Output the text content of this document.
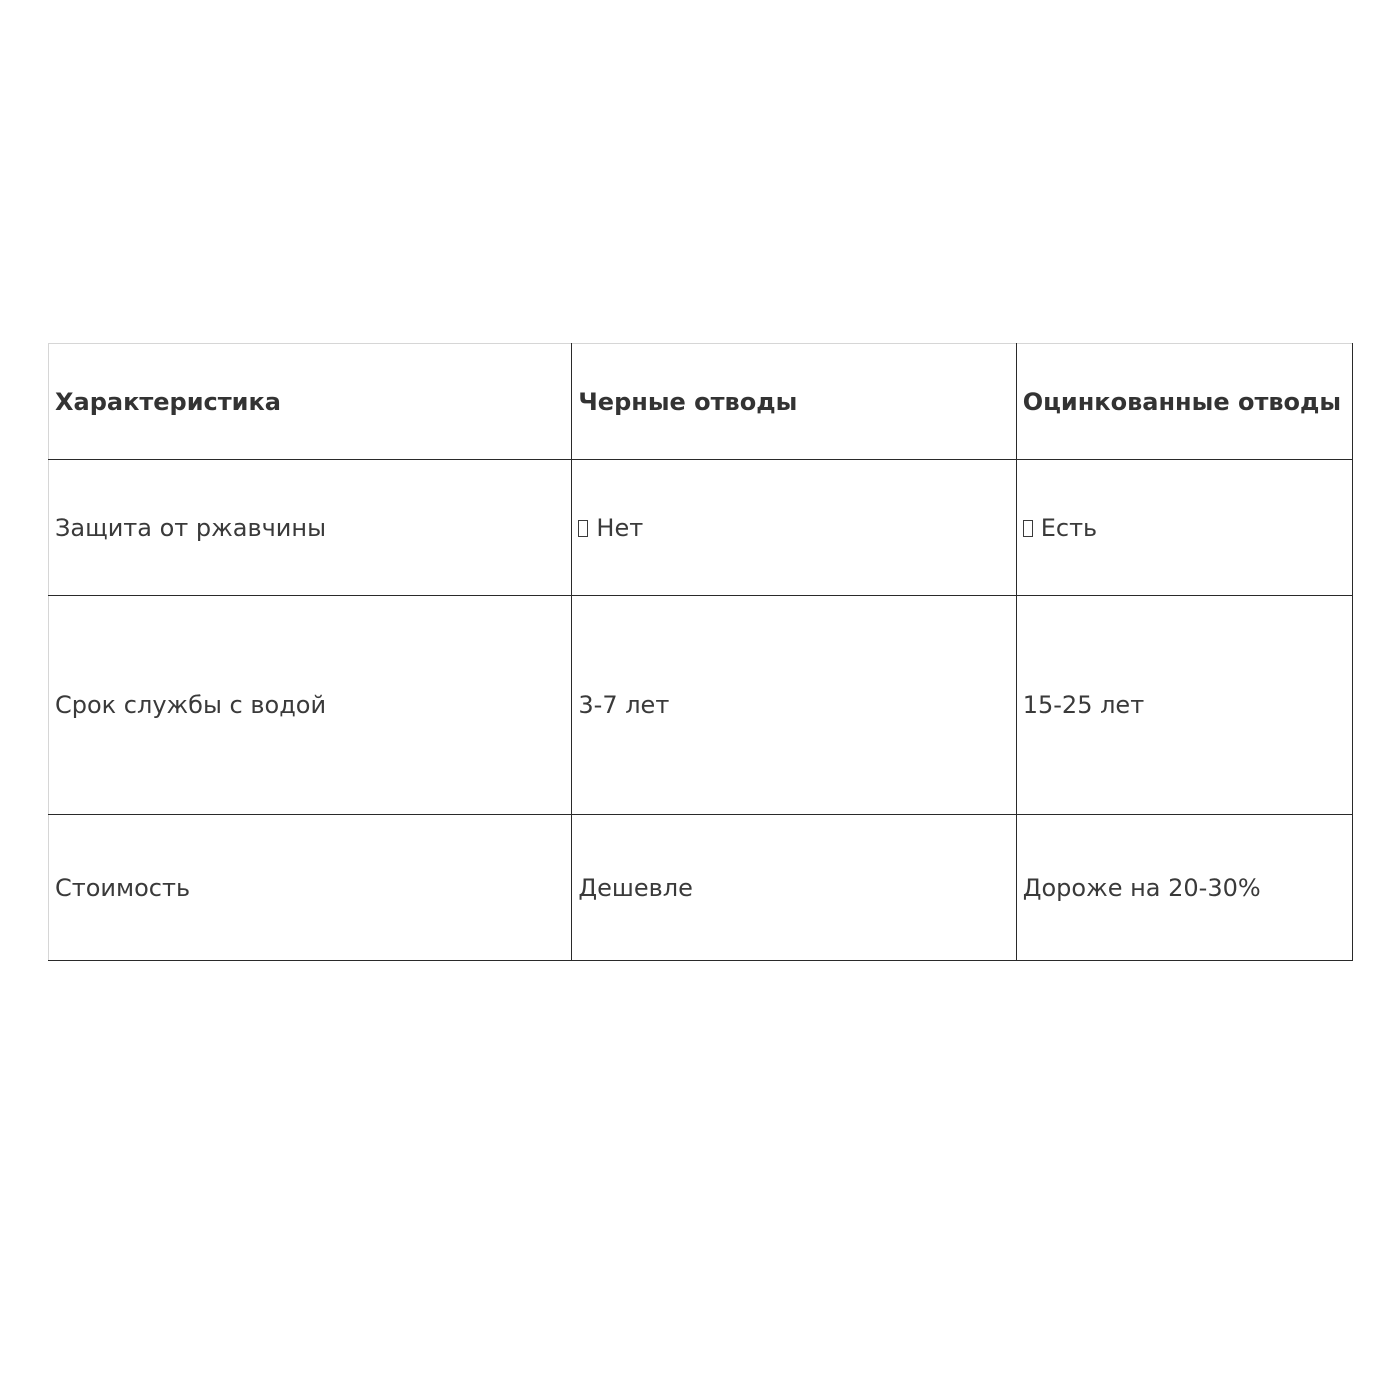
Характеристика	Черные отводы	Оцинкованные отводы
Защита от ржавчины	Нет	Есть
Срок службы с водой	3-7 лет	15-25 лет
Стоимость	Дешевле	Дороже на 20-30%
